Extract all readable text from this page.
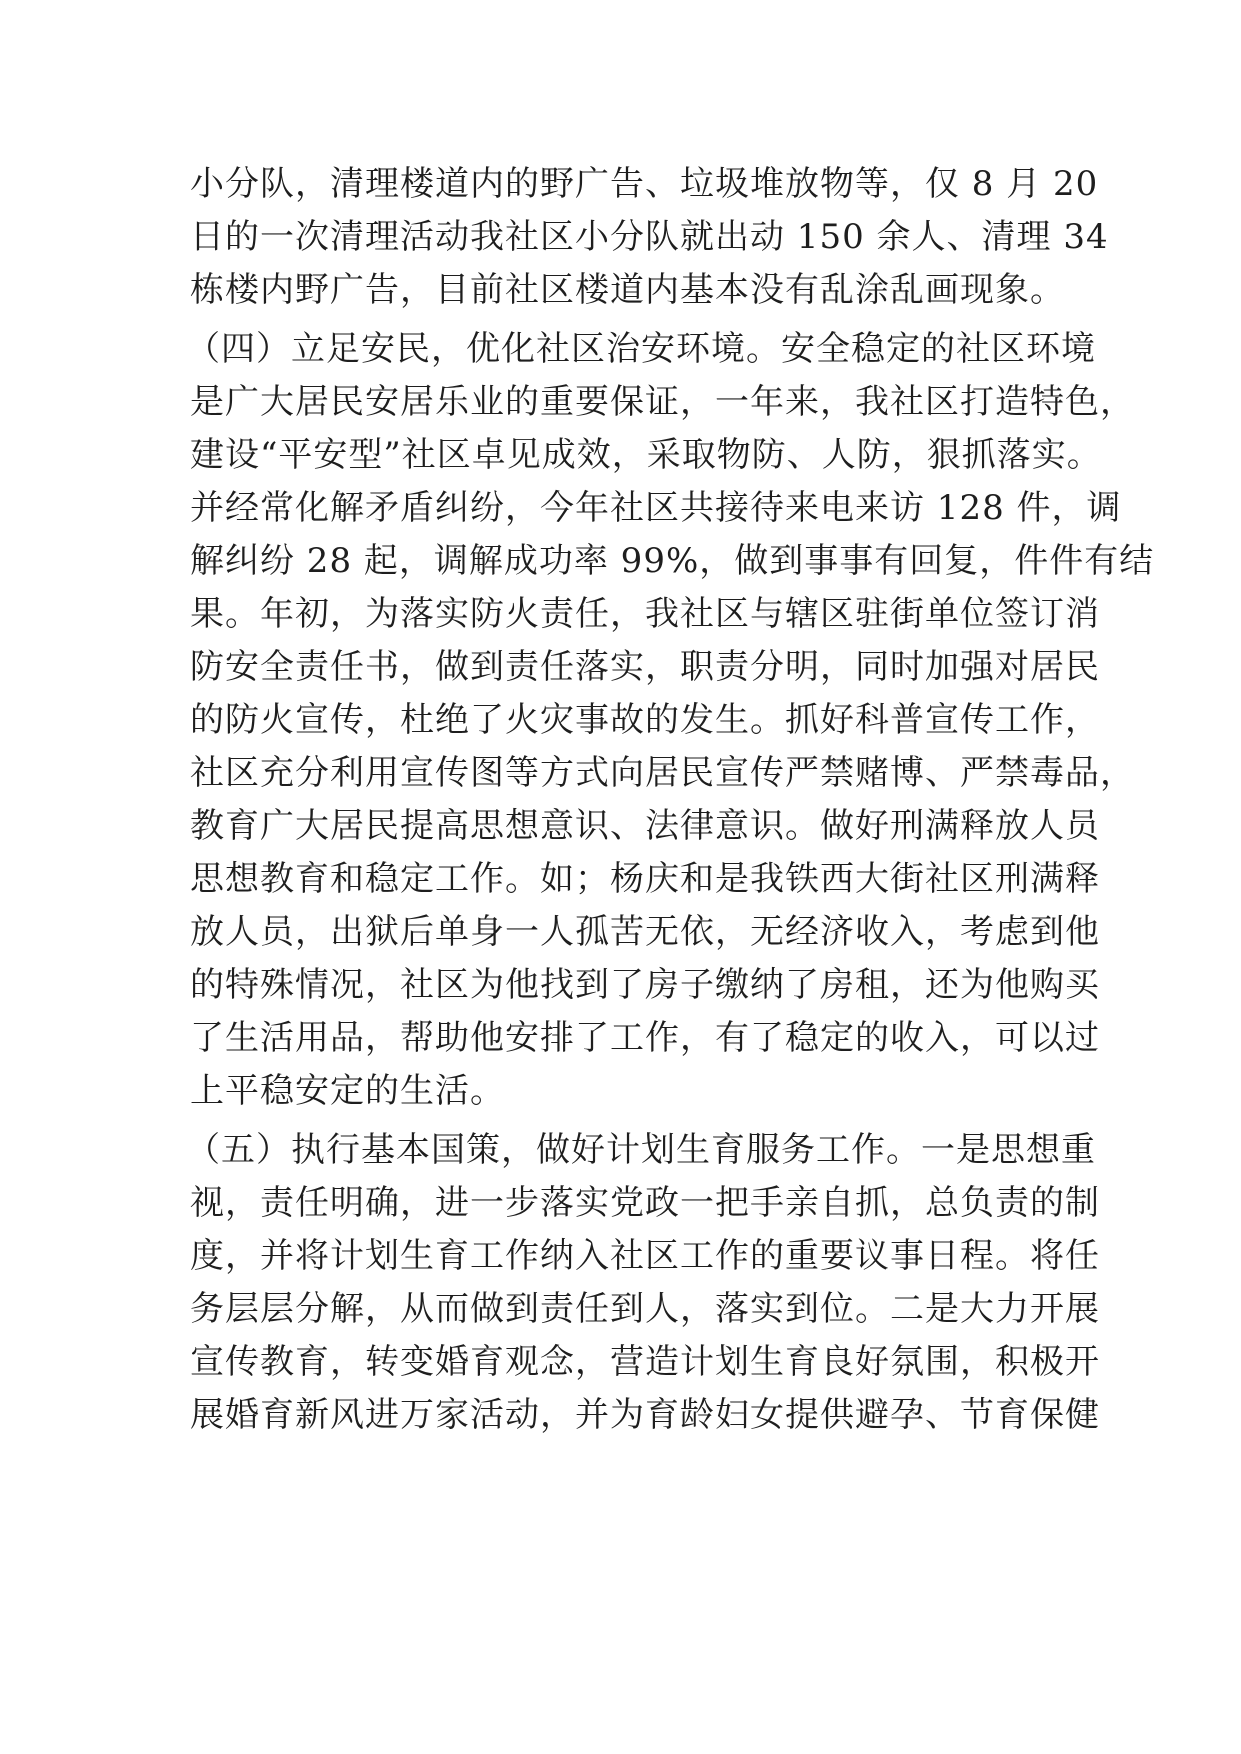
小分队，清理楼道内的野广告、垃圾堆放物等，仅 8 月 20
日的一次清理活动我社区小分队就出动 150 余人、清理 34
栋楼内野广告，目前社区楼道内基本没有乱涂乱画现象。
（四）立足安民，优化社区治安环境。安全稳定的社区环境
是广大居民安居乐业的重要保证，一年来，我社区打造特色，
建设“平安型”社区卓见成效，采取物防、人防，狠抓落实。
并经常化解矛盾纠纷，今年社区共接待来电来访 128 件，调
解纠纷 28 起，调解成功率 99%，做到事事有回复，件件有结
果。年初，为落实防火责任，我社区与辖区驻街单位签订消
防安全责任书，做到责任落实，职责分明，同时加强对居民
的防火宣传，杜绝了火灾事故的发生。抓好科普宣传工作，
社区充分利用宣传图等方式向居民宣传严禁赌博、严禁毒品，
教育广大居民提高思想意识、法律意识。做好刑满释放人员
思想教育和稳定工作。如；杨庆和是我铁西大街社区刑满释
放人员，出狱后单身一人孤苦无依，无经济收入，考虑到他
的特殊情况，社区为他找到了房子缴纳了房租，还为他购买
了生活用品，帮助他安排了工作，有了稳定的收入，可以过
上平稳安定的生活。
（五）执行基本国策，做好计划生育服务工作。一是思想重
视，责任明确，进一步落实党政一把手亲自抓，总负责的制
度，并将计划生育工作纳入社区工作的重要议事日程。将任
务层层分解，从而做到责任到人，落实到位。二是大力开展
宣传教育，转变婚育观念，营造计划生育良好氛围，积极开
展婚育新风进万家活动，并为育龄妇女提供避孕、节育保健
